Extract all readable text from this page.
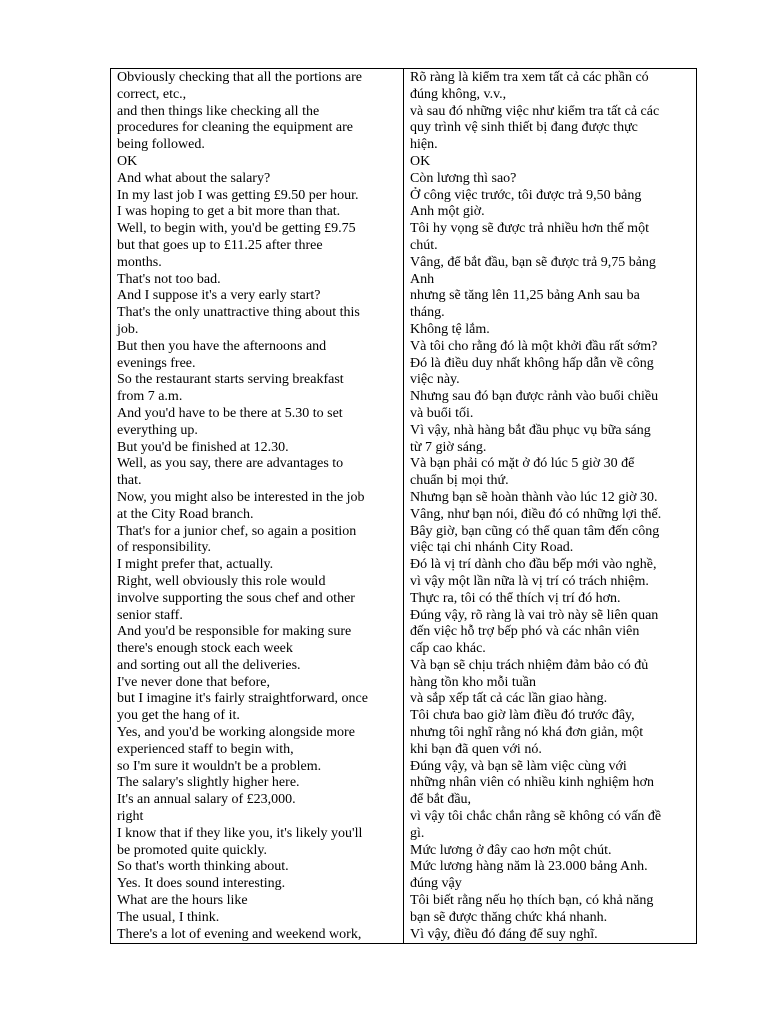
Obviously checking that all the portions are
correct, etc.,
and then things like checking all the
procedures for cleaning the equipment are
being followed.
OK
And what about the salary?
In my last job I was getting £9.50 per hour.
I was hoping to get a bit more than that.
Well, to begin with, you'd be getting £9.75
but that goes up to £11.25 after three
months.
That's not too bad.
And I suppose it's a very early start?
That's the only unattractive thing about this
job.
But then you have the afternoons and
evenings free.
So the restaurant starts serving breakfast
from 7 a.m.
And you'd have to be there at 5.30 to set
everything up.
But you'd be finished at 12.30.
Well, as you say, there are advantages to
that.
Now, you might also be interested in the job
at the City Road branch.
That's for a junior chef, so again a position
of responsibility.
I might prefer that, actually.
Right, well obviously this role would
involve supporting the sous chef and other
senior staff.
And you'd be responsible for making sure
there's enough stock each week
and sorting out all the deliveries.
I've never done that before,
but I imagine it's fairly straightforward, once
you get the hang of it.
Yes, and you'd be working alongside more
experienced staff to begin with,
so I'm sure it wouldn't be a problem.
The salary's slightly higher here.
It's an annual salary of £23,000.
right
I know that if they like you, it's likely you'll
be promoted quite quickly.
So that's worth thinking about.
Yes. It does sound interesting.
What are the hours like
The usual, I think.
There's a lot of evening and weekend work,

Rõ ràng là kiểm tra xem tất cả các phần có
đúng không, v.v.,
và sau đó những việc như kiểm tra tất cả các
quy trình vệ sinh thiết bị đang được thực
hiện.
OK
Còn lương thì sao?
Ở công việc trước, tôi được trả 9,50 bảng
Anh một giờ.
Tôi hy vọng sẽ được trả nhiều hơn thế một
chút.
Vâng, để bắt đầu, bạn sẽ được trả 9,75 bảng
Anh
nhưng sẽ tăng lên 11,25 bảng Anh sau ba
tháng.
Không tệ lắm.
Và tôi cho rằng đó là một khởi đầu rất sớm?
Đó là điều duy nhất không hấp dẫn về công
việc này.
Nhưng sau đó bạn được rảnh vào buổi chiều
và buổi tối.
Vì vậy, nhà hàng bắt đầu phục vụ bữa sáng
từ 7 giờ sáng.
Và bạn phải có mặt ở đó lúc 5 giờ 30 để
chuẩn bị mọi thứ.
Nhưng bạn sẽ hoàn thành vào lúc 12 giờ 30.
Vâng, như bạn nói, điều đó có những lợi thế.
Bây giờ, bạn cũng có thể quan tâm đến công
việc tại chi nhánh City Road.
Đó là vị trí dành cho đầu bếp mới vào nghề,
vì vậy một lần nữa là vị trí có trách nhiệm.
Thực ra, tôi có thể thích vị trí đó hơn.
Đúng vậy, rõ ràng là vai trò này sẽ liên quan
đến việc hỗ trợ bếp phó và các nhân viên
cấp cao khác.
Và bạn sẽ chịu trách nhiệm đảm bảo có đủ
hàng tồn kho mỗi tuần
và sắp xếp tất cả các lần giao hàng.
Tôi chưa bao giờ làm điều đó trước đây,
nhưng tôi nghĩ rằng nó khá đơn giản, một
khi bạn đã quen với nó.
Đúng vậy, và bạn sẽ làm việc cùng với
những nhân viên có nhiều kinh nghiệm hơn
để bắt đầu,
vì vậy tôi chắc chắn rằng sẽ không có vấn đề
gì.
Mức lương ở đây cao hơn một chút.
Mức lương hàng năm là 23.000 bảng Anh.
đúng vậy
Tôi biết rằng nếu họ thích bạn, có khả năng
bạn sẽ được thăng chức khá nhanh.
Vì vậy, điều đó đáng để suy nghĩ.
